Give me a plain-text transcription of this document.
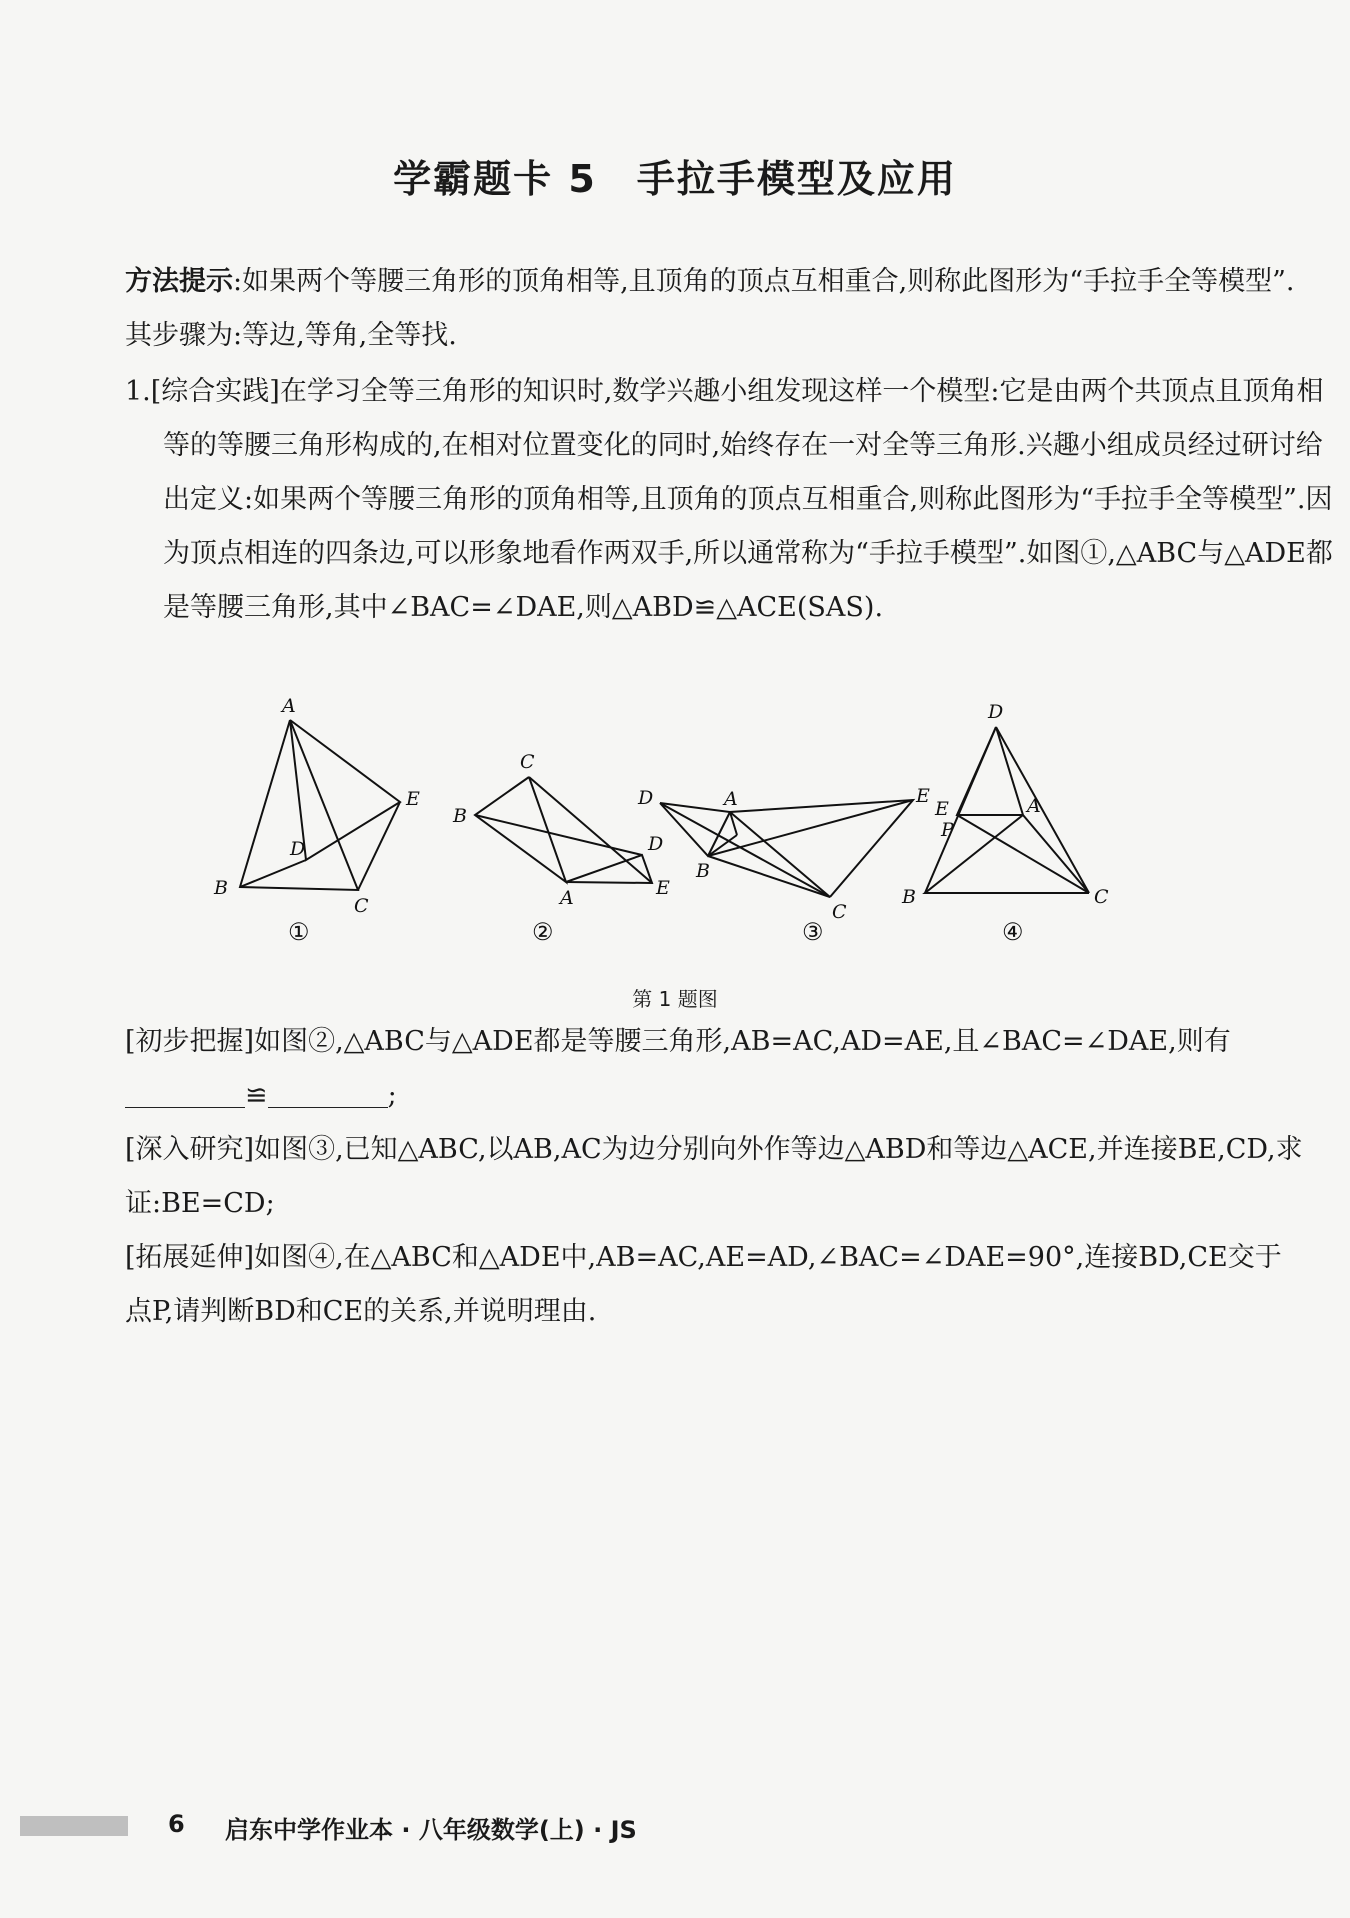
学霸题卡 5　手拉手模型及应用
方法提示:如果两个等腰三角形的顶角相等,且顶角的顶点互相重合,则称此图形为“手拉手全等模型”.其步骤为:等边,等角,全等找.
1.[综合实践]在学习全等三角形的知识时,数学兴趣小组发现这样一个模型:它是由两个共顶点且顶角相等的等腰三角形构成的,在相对位置变化的同时,始终存在一对全等三角形.兴趣小组成员经过研讨给出定义:如果两个等腰三角形的顶角相等,且顶角的顶点互相重合,则称此图形为“手拉手全等模型”.因为顶点相连的四条边,可以形象地看作两双手,所以通常称为“手拉手模型”.如图①,△ABC与△ADE都是等腰三角形,其中∠BAC=∠DAE,则△ABD≌△ACE(SAS).
A
B
C
D
E
①
C
B
A
D
E
②
D	A	E
B
C
③
D
E	A
P
B	C
④
第 1 题图

[初步把握]如图②,△ABC与△ADE都是等腰三角形,AB=AC,AD=AE,且∠BAC=∠DAE,则有≌	;

[深入研究]如图③,已知△ABC,以AB,AC为边分别向外作等边△ABD和等边△ACE,并连接BE,CD,求证:BE=CD;

[拓展延伸]如图④,在△ABC和△ADE中,AB=AC,AE=AD,∠BAC=∠DAE=90°,连接BD,CE交于点P,请判断BD和CE的关系,并说明理由.

6 启东中学作业本 · 八年级数学(上) · JS
